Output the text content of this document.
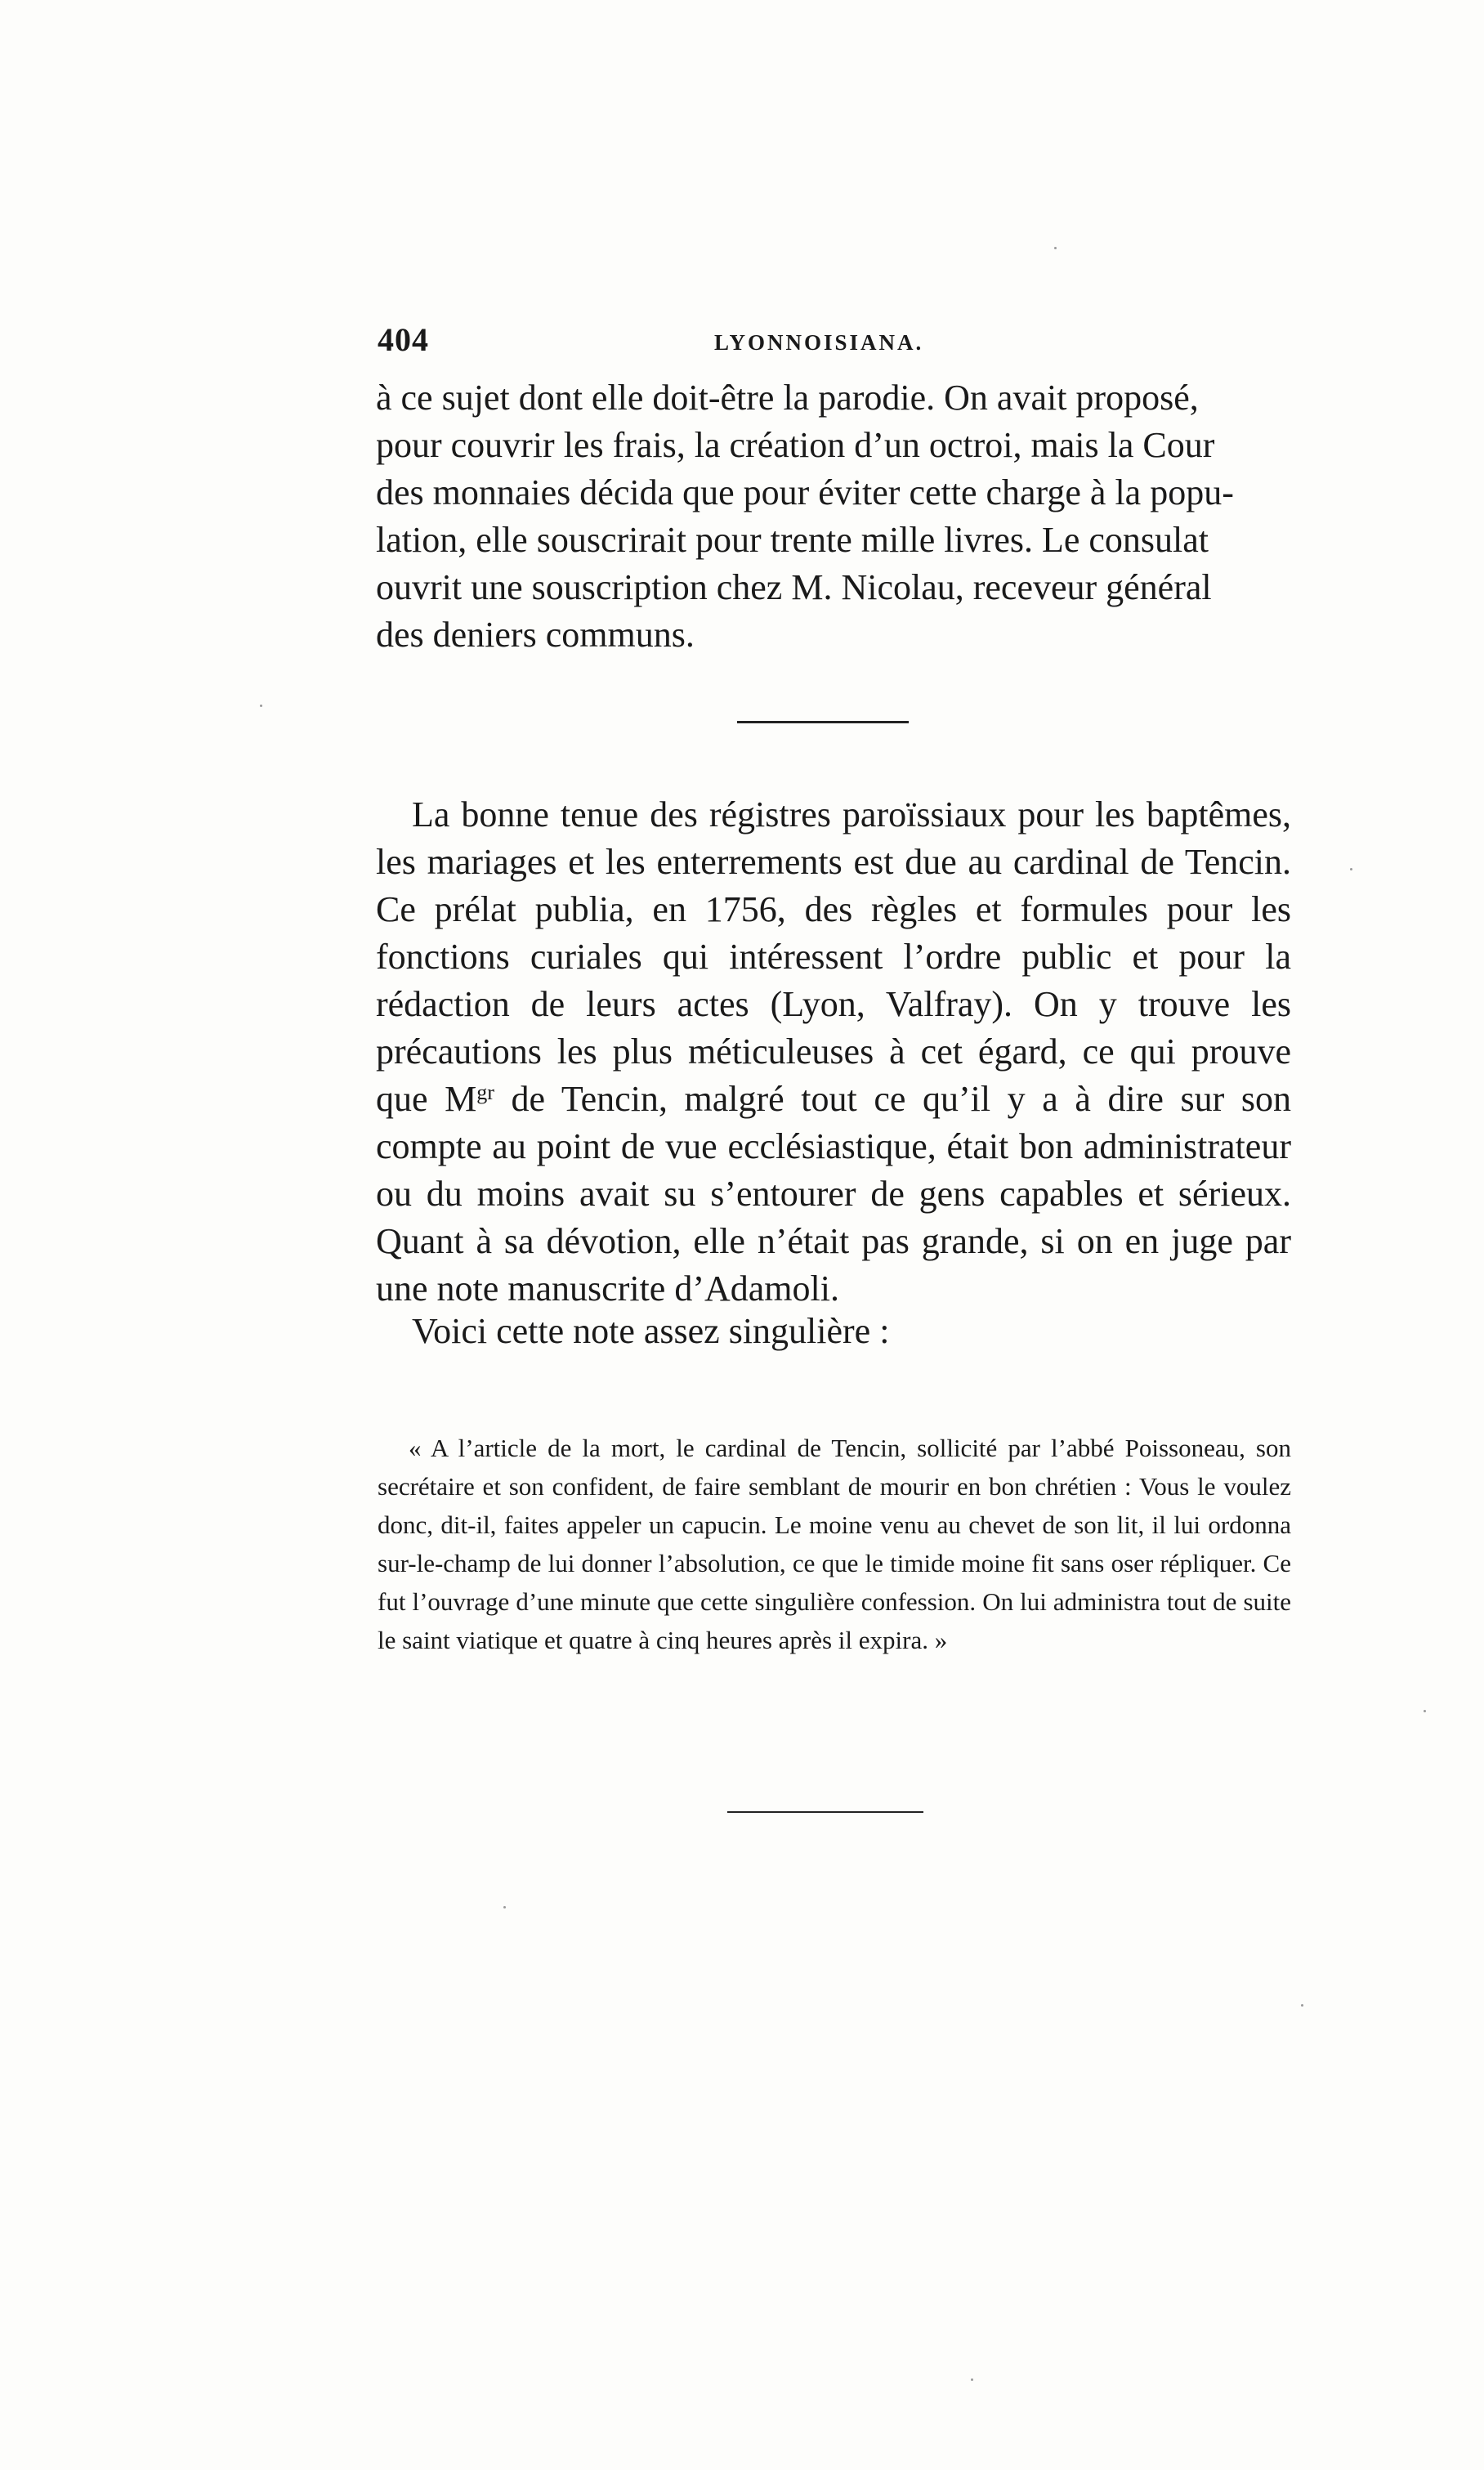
404	LYONNOISIANA.

à ce sujet dont elle doit-être la parodie. On avait proposé,

pour couvrir les frais, la création d’un octroi, mais la Cour

des monnaies décida que pour éviter cette charge à la popu-

lation, elle souscrirait pour trente mille livres. Le consulat

ouvrit une souscription chez M. Nicolau, receveur général

des deniers communs.

La bonne tenue des régistres paroïssiaux pour les baptêmes, les mariages et les enterrements est due au cardinal de Tencin. Ce prélat publia, en 1756, des règles et formules pour les fonctions curiales qui intéressent l’ordre public et pour la rédaction de leurs actes (Lyon, Valfray). On y trouve les précautions les plus méticuleuses à cet égard, ce qui prouve que $M^{gr}$ de Tencin, malgré tout ce qu’il y a à dire sur son compte au point de vue ecclésiastique, était bon administrateur ou du moins avait su s’entourer de gens capables et sérieux. Quant à sa dévotion, elle n’était pas grande, si on en juge par une note manuscrite d’Adamoli.

Voici cette note assez singulière :

« A l’article de la mort, le cardinal de Tencin, sollicité par l’abbé Poissoneau, son secrétaire et son confident, de faire semblant de mourir en bon chrétien : Vous le voulez donc, dit-il, faites appeler un capucin. Le moine venu au chevet de son lit, il lui ordonna sur-le-champ de lui donner l’absolution, ce que le timide moine fit sans oser répliquer. Ce fut l’ouvrage d’une minute que cette singulière confession. On lui administra tout de suite le saint viatique et quatre à cinq heures après il expira. »
